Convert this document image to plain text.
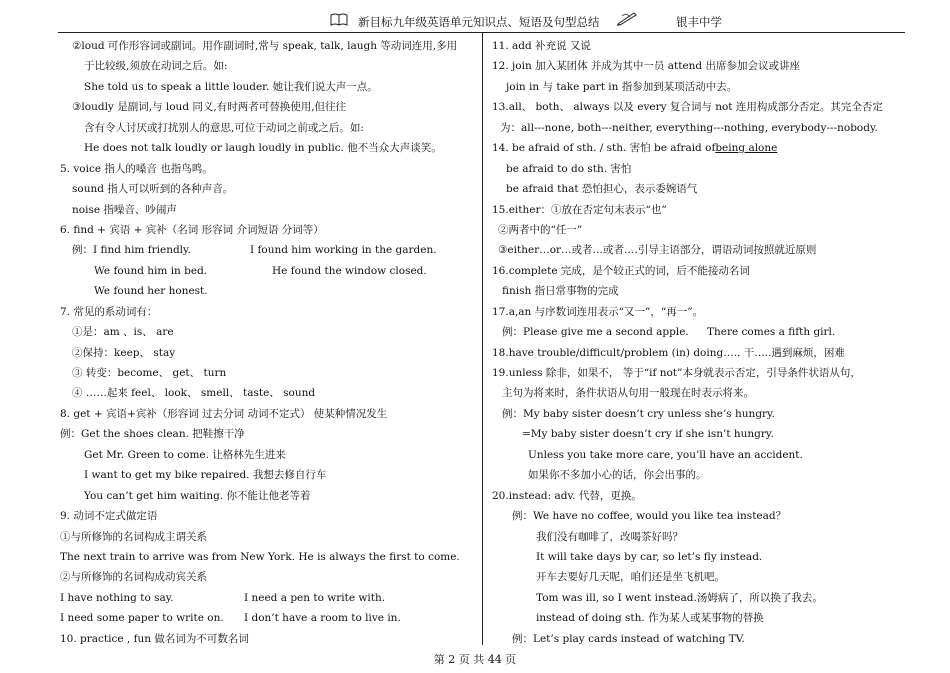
新目标九年级英语单元知识点、短语及句型总结	银丰中学
②loud 可作形容词或副词。用作副词时,常与 speak, talk, laugh 等动词连用,多用
于比较级,须放在动词之后。如:
She told us to speak a little louder. 她让我们说大声一点。
③loudly 是副词,与 loud 同义,有时两者可替换使用,但往往
含有令人讨厌或打扰别人的意思,可位于动词之前或之后。如:
He does not talk loudly or laugh loudly in public. 他不当众大声谈笑。
5. voice 指人的嗓音 也指鸟鸣。
sound 指人可以听到的各种声音。
noise 指噪音、吵闹声
6. find + 宾语 + 宾补（名词 形容词 介词短语 分词等）
例：I find him friendly.	I found him working in the garden.
We found him in bed.	He found the window closed.
We found her honest.
7. 常见的系动词有：
①是：am 、is、 are
②保持：keep、 stay
③ 转变：become、 get、 turn
④ ……起来 feel、 look、 smell、 taste、 sound
8. get + 宾语+宾补（形容词 过去分词 动词不定式） 使某种情况发生
例：Get the shoes clean. 把鞋擦干净
Get Mr. Green to come. 让格林先生进来
I want to get my bike repaired. 我想去修自行车
You can’t get him waiting. 你不能让他老等着
9. 动词不定式做定语
①与所修饰的名词构成主谓关系
The next train to arrive was from New York. He is always the first to come.
②与所修饰的名词构成动宾关系
I have nothing to say.	I need a pen to write with.
I need some paper to write on. I don’t have a room to live in.
10. practice , fun 做名词为不可数名词
11. add 补充说 又说
12. join 加入某团体 并成为其中一员 attend 出席参加会议或讲座
join in 与 take part in 指参加到某项活动中去。
13.all、 both、 always 以及 every 复合词与 not 连用构成部分否定。其完全否定
为：all---none, both---neither, everything---nothing, everybody---nobody.
14. be afraid of sth. / sth. 害怕 be afraid ofbeing alone
be afraid to do sth. 害怕
be afraid that 恐怕担心，表示委婉语气
15.either：①放在否定句末表示“也”
②两者中的“任一”
③either…or…或者…或者.…引导主语部分，谓语动词按照就近原则
16.complete 完成，是个较正式的词，后不能接动名词
finish 指日常事物的完成
17.a,an 与序数词连用表示“又一”，“再一”。
例：Please give me a second apple. There comes a fifth girl.
18.have trouble/difficult/problem (in) doing….. 干…..遇到麻烦，困难
19.unless 除非，如果不， 等于“if not”本身就表示否定，引导条件状语从句，
主句为将来时，条件状语从句用一般现在时表示将来。
例：My baby sister doesn’t cry unless she’s hungry.
=My baby sister doesn’t cry if she isn’t hungry.
Unless you take more care, you’ll have an accident.
如果你不多加小心的话，你会出事的。
20.instead: adv. 代替，更换。
例：We have no coffee, would you like tea instead？
我们没有咖啡了，改喝茶好吗？
It will take days by car, so let’s fly instead.
开车去要好几天呢，咱们还是坐飞机吧。
Tom was ill, so I went instead.汤姆病了，所以换了我去。
instead of doing sth. 作为某人或某事物的替换
例：Let’s play cards instead of watching TV.
第 2 页 共 44 页
